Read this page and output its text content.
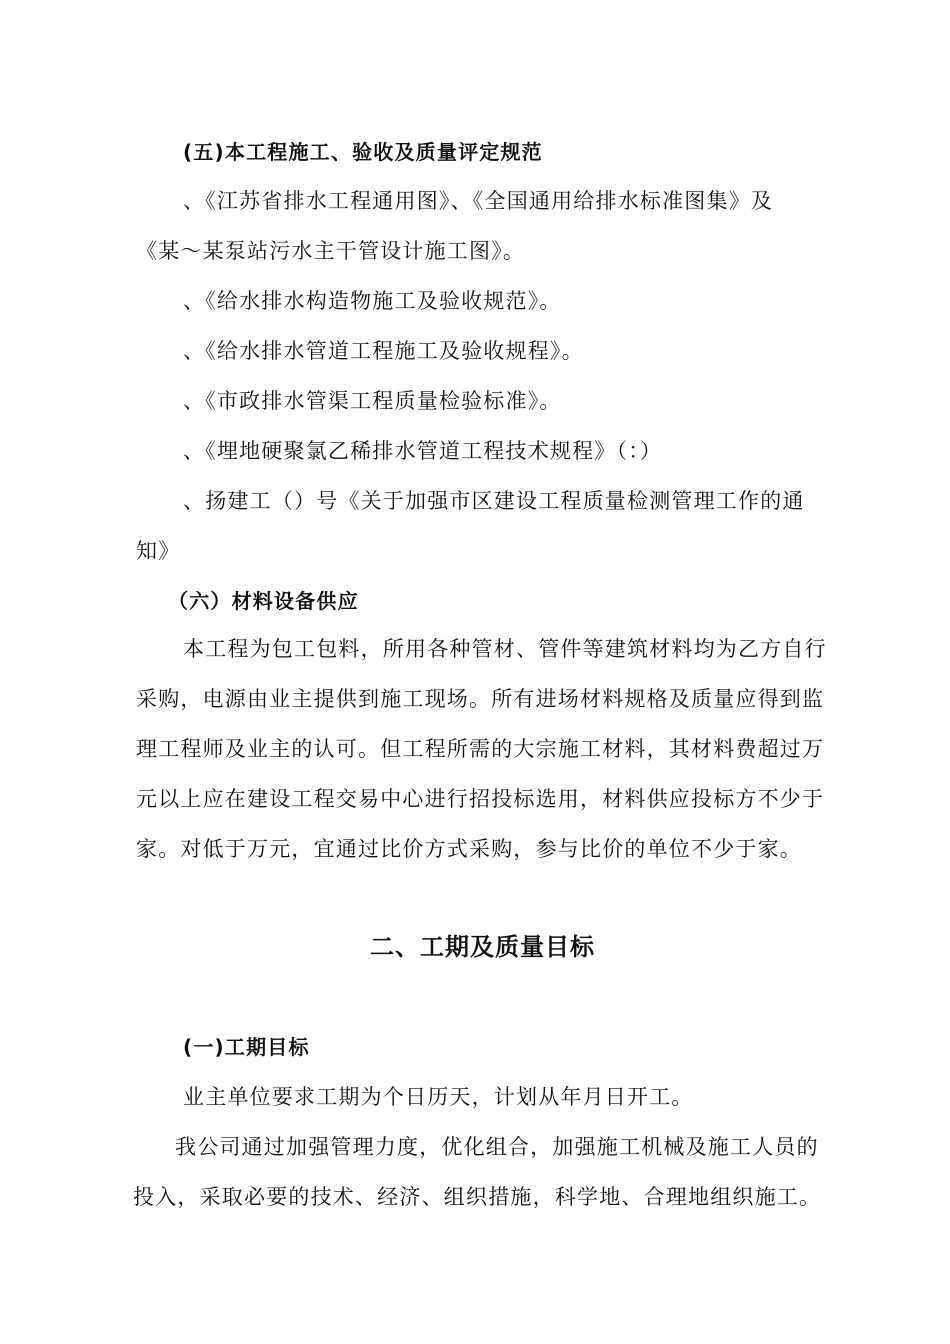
(五)本工程施工、验收及质量评定规范
、《江苏省排水工程通用图》、《全国通用给排水标准图集》及
《某～某泵站污水主干管设计施工图》。
、《给水排水构造物施工及验收规范》。
、《给水排水管道工程施工及验收规程》。
、《市政排水管渠工程质量检验标准》。
、《埋地硬聚氯乙稀排水管道工程技术规程》（：）
、扬建工（）号《关于加强市区建设工程质量检测管理工作的通
知》
（六）材料设备供应
本工程为包工包料，所用各种管材、管件等建筑材料均为乙方自行
采购，电源由业主提供到施工现场。所有进场材料规格及质量应得到监
理工程师及业主的认可。但工程所需的大宗施工材料，其材料费超过万
元以上应在建设工程交易中心进行招投标选用，材料供应投标方不少于
家。对低于万元，宜通过比价方式采购，参与比价的单位不少于家。
二、工期及质量目标
(一)工期目标
业主单位要求工期为个日历天，计划从年月日开工。
我公司通过加强管理力度，优化组合，加强施工机械及施工人员的
投入，采取必要的技术、经济、组织措施，科学地、合理地组织施工。
